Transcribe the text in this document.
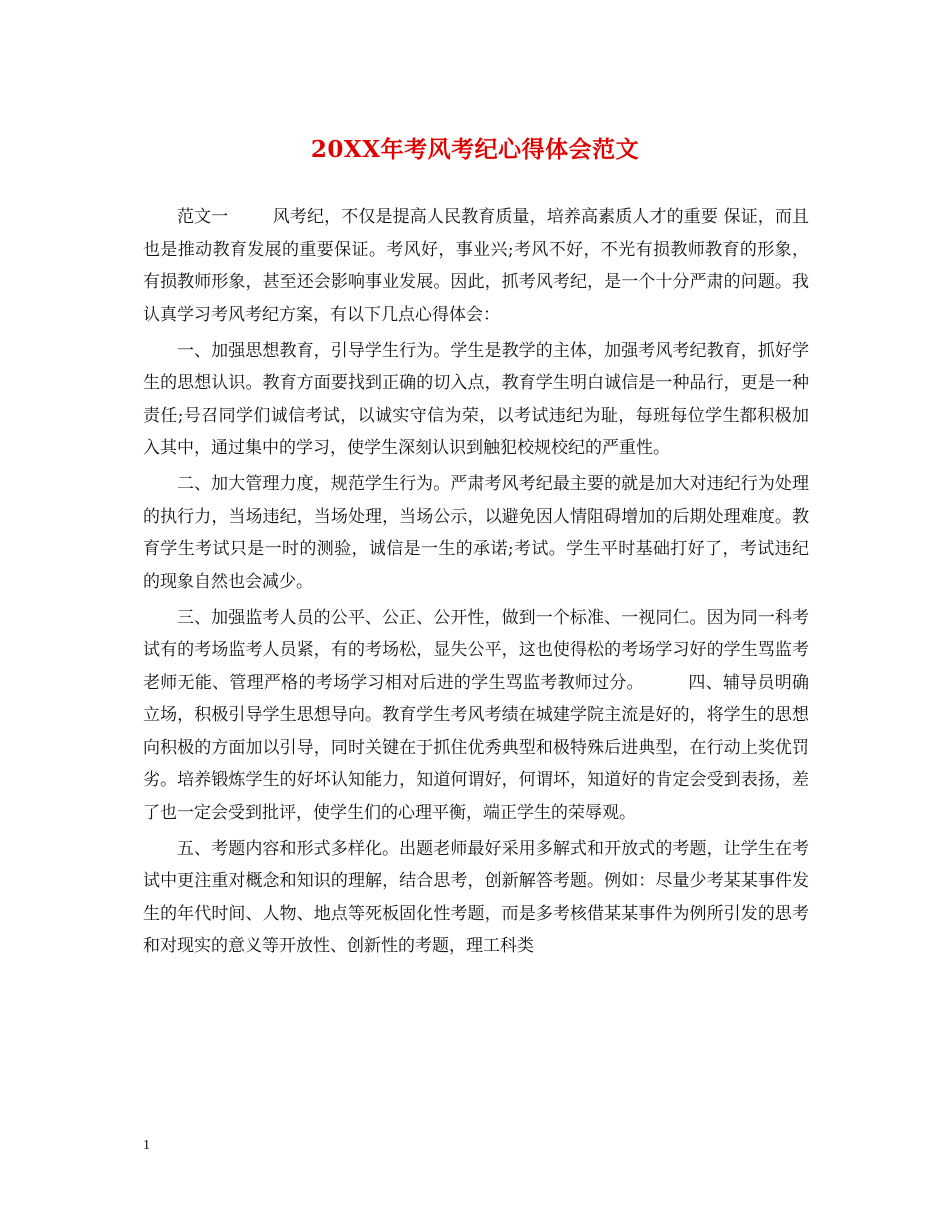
20XX年考风考纪心得体会范文

范文一	风考纪，不仅是提高人民教育质量，培养高素质人才的重要 保证，而且也是推动教育发展的重要保证。考风好，事业兴;考风不好，不光有损教师教育的形象，有损教师形象，甚至还会影响事业发展。因此，抓考风考纪，是一个十分严肃的问题。我认真学习考风考纪方案，有以下几点心得体会：

一、加强思想教育，引导学生行为。学生是教学的主体，加强考风考纪教育，抓好学生的思想认识。教育方面要找到正确的切入点，教育学生明白诚信是一种品行，更是一种责任;号召同学们诚信考试，以诚实守信为荣，以考试违纪为耻，每班每位学生都积极加入其中，通过集中的学习，使学生深刻认识到触犯校规校纪的严重性。

二、加大管理力度，规范学生行为。严肃考风考纪最主要的就是加大对违纪行为处理的执行力，当场违纪，当场处理，当场公示，以避免因人情阻碍增加的后期处理难度。教育学生考试只是一时的测验，诚信是一生的承诺;考试。学生平时基础打好了，考试违纪的现象自然也会减少。

三、加强监考人员的公平、公正、公开性，做到一个标准、一视同仁。因为同一科考试有的考场监考人员紧，有的考场松，显失公平，这也使得松的考场学习好的学生骂监考老师无能、管理严格的考场学习相对后进的学生骂监考教师过分。	四、辅导员明确立场，积极引导学生思想导向。教育学生考风考绩在城建学院主流是好的，将学生的思想向积极的方面加以引导，同时关键在于抓住优秀典型和极特殊后进典型，在行动上奖优罚劣。培养锻炼学生的好坏认知能力，知道何谓好，何谓坏，知道好的肯定会受到表扬，差了也一定会受到批评，使学生们的心理平衡，端正学生的荣辱观。

五、考题内容和形式多样化。出题老师最好采用多解式和开放式的考题，让学生在考试中更注重对概念和知识的理解，结合思考，创新解答考题。例如：尽量少考某某事件发生的年代时间、人物、地点等死板固化性考题，而是多考核借某某事件为例所引发的思考和对现实的意义等开放性、创新性的考题，理工科类

1
